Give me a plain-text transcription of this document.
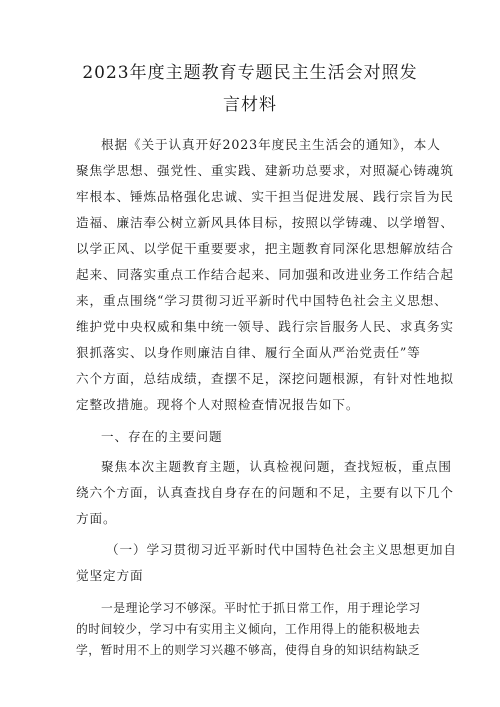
2023年度主题教育专题民主生活会对照发
言材料
根据《关于认真开好2023年度民主生活会的通知》，本人
聚焦学思想、强党性、重实践、建新功总要求，对照凝心铸魂筑
牢根本、锤炼品格强化忠诚、实干担当促进发展、践行宗旨为民
造福、廉洁奉公树立新风具体目标，按照以学铸魂、以学增智、
以学正风、以学促干重要要求，把主题教育同深化思想解放结合
起来、同落实重点工作结合起来、同加强和改进业务工作结合起
来，重点围绕“学习贯彻习近平新时代中国特色社会主义思想、
维护党中央权威和集中统一领导、践行宗旨服务人民、求真务实
狠抓落实、以身作则廉洁自律、履行全面从严治党责任”等
六个方面，总结成绩，查摆不足，深挖问题根源，有针对性地拟
定整改措施。现将个人对照检查情况报告如下。
一、存在的主要问题
聚焦本次主题教育主题，认真检视问题，查找短板，重点围
绕六个方面，认真查找自身存在的问题和不足，主要有以下几个
方面。
（一）学习贯彻习近平新时代中国特色社会主义思想更加自
觉坚定方面
一是理论学习不够深。平时忙于抓日常工作，用于理论学习
的时间较少，学习中有实用主义倾向，工作用得上的能积极地去
学，暂时用不上的则学习兴趣不够高，使得自身的知识结构缺乏
